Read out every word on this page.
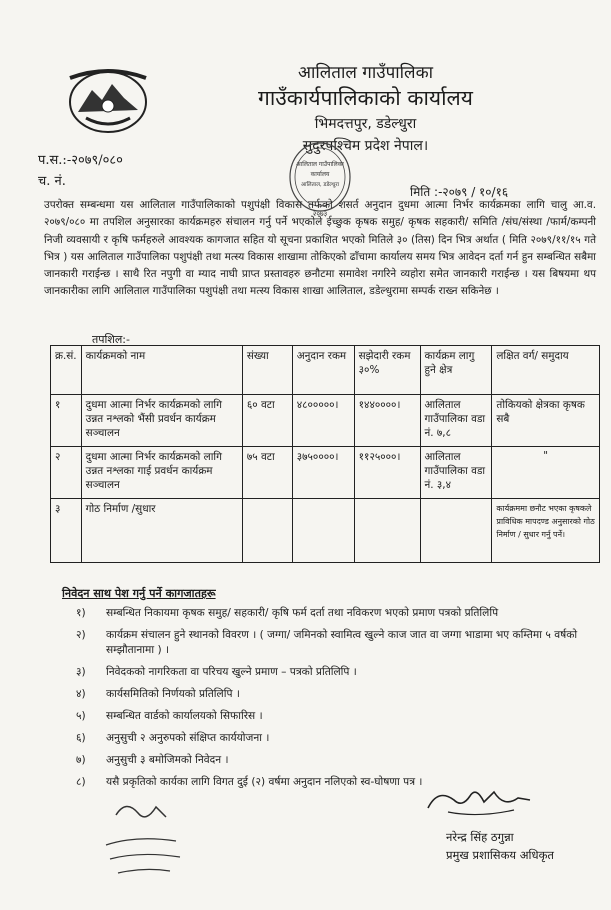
आलिताल गाउँपालिका
गाउँकार्यपालिकाको कार्यालय
भिमदत्तपुर, डडेल्धुरा
सुदुरपश्चिम प्रदेश नेपाल।
प.स.:-२०७९/०८०
च. नं.
आलिताल गाउँपालिका
कार्यालय
आलिताल, डडेल्धुरा
२०७३
मिति :-२०७९ / १०/१६
उपरोक्त सम्बन्धमा यस आलिताल गाउँपालिकाको पशुपंक्षी विकास तर्फको शसर्त अनुदान दुधमा आत्मा निर्भर कार्यक्रमका लागि चालु आ.व. २०७९/०८० मा तपशिल अनुसारका कार्यक्रमहरु संचालन गर्नु पर्ने भएकोले ईच्छुक कृषक समुह/ कृषक सहकारी/ समिति /संघ/संस्था /फार्म/कम्पनी निजी व्यवसायी र कृषि फर्महरुले आवश्यक कागजात सहित यो सूचना प्रकाशित भएको मितिले ३० (तिस) दिन भित्र अर्थात ( मिति २०७९/११/१५ गते भित्र ) यस आलिताल गाउँपालिका पशुपंक्षी तथा मत्स्य विकास शाखामा तोकिएको ढाँचामा कार्यालय समय भित्र आवेदन दर्ता गर्न हुन सम्बन्धित सबैमा जानकारी गराईन्छ । साथै रित नपुगी वा म्याद नाघी प्राप्त प्रस्तावहरु छनौटमा समावेश नगरिने व्यहोरा समेत जानकारी गराईन्छ । यस बिषयमा थप जानकारीका लागि आलिताल गाउँपालिका पशुपंक्षी तथा मत्स्य विकास शाखा आलिताल, डडेल्धुरामा सम्पर्क राख्न सकिनेछ ।
तपशिल:-
क्र.सं.	कार्यक्रमको नाम	संख्या	अनुदान रकम	सझेदारी रकम ३०%	कार्यक्रम लागु हुने क्षेत्र	लक्षित वर्ग/ समुदाय
१	दुधमा आत्मा निर्भर कार्यक्रमको लागि उन्नत नश्लको भैंसी प्रवर्धन कार्यक्रम सञ्चालन	६० वटा	४८०००००।	१४४००००।	आलिताल गाउँपालिका वडा नं. ७,८	तोकियको क्षेत्रका कृषक सबै
२	दुधमा आत्मा निर्भर कार्यक्रमको लागि उन्नत नश्लका गाई प्रवर्धन कार्यक्रम सञ्चालन	७५ वटा	३७५००००।	११२५०००।	आलिताल गाउँपालिका वडा नं. ३,४	"
३	गोठ निर्माण /सुधार					कार्यक्रममा छनौट भएका कृषकले प्राविधिक मापदण्ड अनुसारको गोठ निर्माण / सुधार गर्नु पर्ने।
निवेदन साथ पेश गर्नु पर्ने कागजातहरू
१)	सम्बन्धित निकायमा कृषक समुह/ सहकारी/ कृषि फर्म दर्ता तथा नविकरण भएको प्रमाण पत्रको प्रतिलिपि
२)	कार्यक्रम संचालन हुने स्थानको विवरण । ( जग्गा/ जमिनको स्वामित्व खुल्ने काज जात वा जग्गा भाडामा भए कम्तिमा ५ वर्षको सम्झौतानामा ) ।
३)	निवेदकको नागरिकता वा परिचय खुल्ने प्रमाण – पत्रको प्रतिलिपि ।
४)	कार्यसमितिको निर्णयको प्रतिलिपि ।
५)	सम्बन्धित वार्डको कार्यालयको सिफारिस ।
६)	अनुसुची २ अनुरुपको संक्षिप्त कार्ययोजना ।
७)	अनुसुची ३ बमोजिमको निवेदन ।
८)	यसै प्रकृतिको कार्यका लागि विगत दुई (२) वर्षमा अनुदान नलिएको स्व-घोषणा पत्र ।
नरेन्द्र सिंह ठगुन्ना
प्रमुख प्रशासिकय अधिकृत
